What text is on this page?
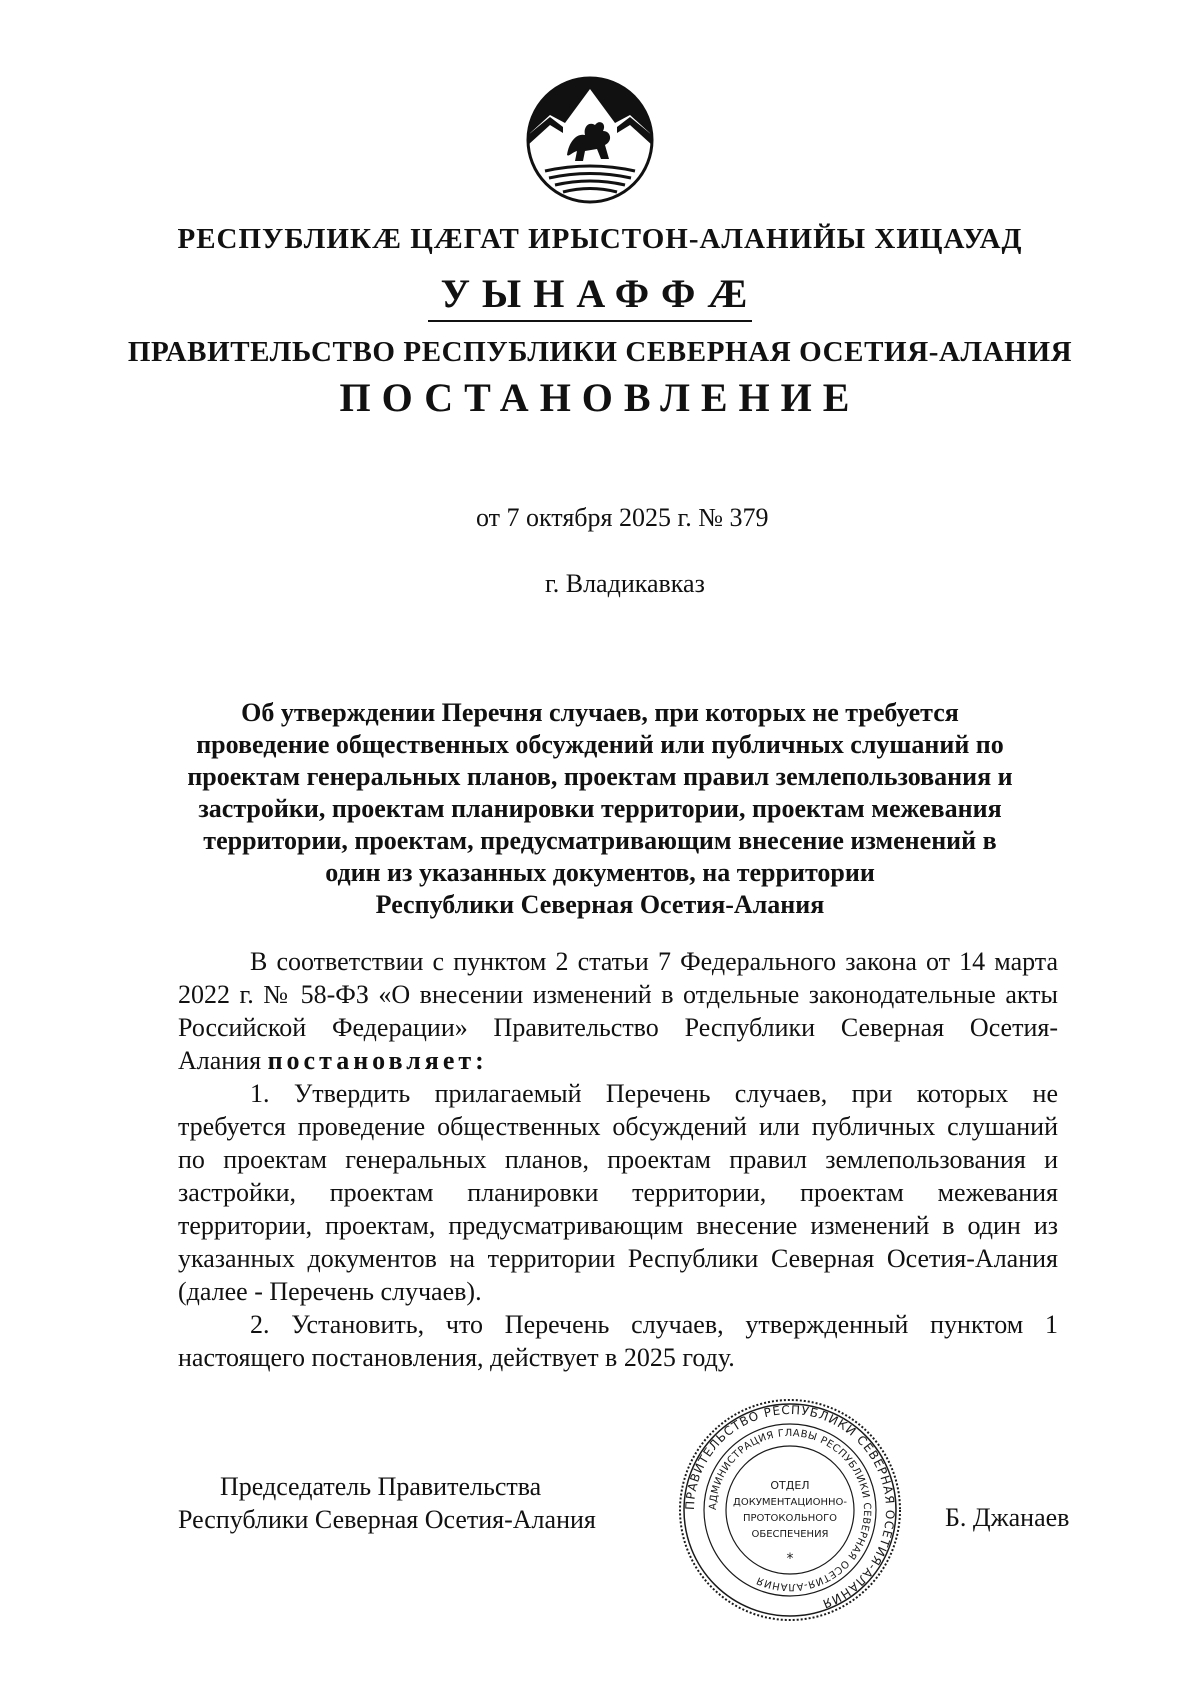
РЕСПУБЛИКÆ ЦÆГАТ ИРЫСТОН-АЛАНИЙЫ ХИЦАУАД
УЫНАФФÆ
ПРАВИТЕЛЬСТВО РЕСПУБЛИКИ СЕВЕРНАЯ ОСЕТИЯ-АЛАНИЯ
ПОСТАНОВЛЕНИЕ
от 7 октября 2025 г. № 379
г. Владикавказ
Об утверждении Перечня случаев, при которых не требуется
проведение общественных обсуждений или публичных слушаний по
проектам генеральных планов, проектам правил землепользования и
застройки, проектам планировки территории, проектам межевания
территории, проектам, предусматривающим внесение изменений в
один из указанных документов, на территории
Республики Северная Осетия-Алания
В соответствии с пунктом 2 статьи 7 Федерального закона от 14 марта
2022 г. № 58-ФЗ «О внесении изменений в отдельные законодательные акты
Российской Федерации» Правительство Республики Северная Осетия-
Алания постановляет:
1. Утвердить прилагаемый Перечень случаев, при которых не
требуется проведение общественных обсуждений или публичных слушаний
по проектам генеральных планов, проектам правил землепользования и
застройки, проектам планировки территории, проектам межевания
территории, проектам, предусматривающим внесение изменений в один из
указанных документов на территории Республики Северная Осетия-Алания
(далее - Перечень случаев).
2. Установить, что Перечень случаев, утвержденный пунктом 1
настоящего постановления, действует в 2025 году.
Председатель Правительства
Республики Северная Осетия-Алания
ПРАВИТЕЛЬСТВО РЕСПУБЛИКИ СЕВЕРНАЯ ОСЕТИЯ-АЛАНИЯ
АДМИНИСТРАЦИЯ ГЛАВЫ РЕСПУБЛИКИ СЕВЕРНАЯ ОСЕТИЯ-АЛАНИЯ
ОТДЕЛ
ДОКУМЕНТАЦИОННО-
ПРОТОКОЛЬНОГО
ОБЕСПЕЧЕНИЯ
*
Б. Джанаев
